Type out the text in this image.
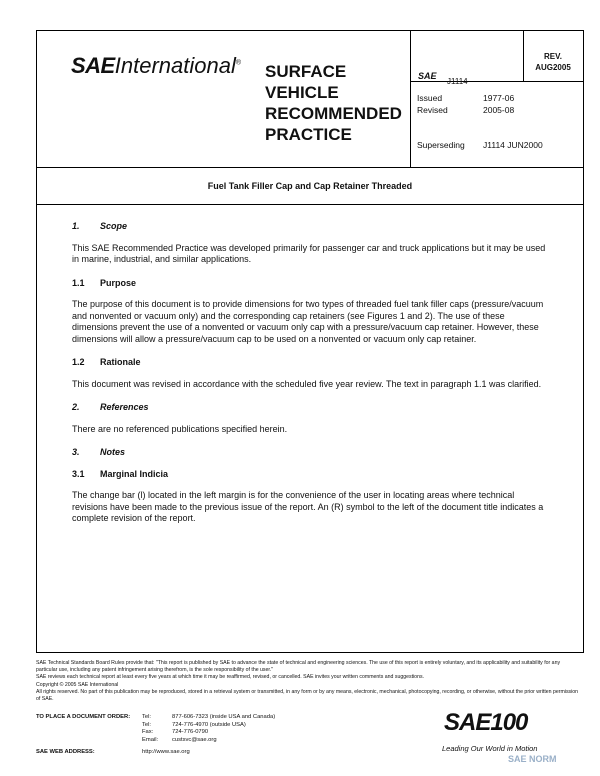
SAEInternational® SURFACE
VEHICLE
RECOMMENDED
PRACTICE
SAE
J1114
REV.
AUG2005
Issued	1977-06
Revised	2005-08
Superseding J1114 JUN2000
Fuel Tank Filler Cap and Cap Retainer Threaded
1. Scope
This SAE Recommended Practice was developed primarily for passenger car and truck applications but it may be used in marine, industrial, and similar applications.
1.1 Purpose
The purpose of this document is to provide dimensions for two types of threaded fuel tank filler caps (pressure/vacuum and nonvented or vacuum only) and the corresponding cap retainers (see Figures 1 and 2). The use of these dimensions prevent the use of a nonvented or vacuum only cap with a pressure/vacuum cap retainer. However, these dimensions will allow a pressure/vacuum cap to be used on a nonvented or vacuum only cap retainer.
1.2 Rationale
This document was revised in accordance with the scheduled five year review. The text in paragraph 1.1 was clarified.
2. References
There are no referenced publications specified herein.
3. Notes
3.1 Marginal Indicia
The change bar (l) located in the left margin is for the convenience of the user in locating areas where technical revisions have been made to the previous issue of the report. An (R) symbol to the left of the document title indicates a complete revision of the report.

SAE Technical Standards Board Rules provide that: "This report is published by SAE to advance the state of technical and engineering sciences. The use of this report is entirely voluntary, and its applicability and suitability for any particular use, including any patent infringement arising therefrom, is the sole responsibility of the user."

SAE reviews each technical report at least every five years at which time it may be reaffirmed, revised, or cancelled. SAE invites your written comments and suggestions.

Copyright © 2005 SAE International

All rights reserved. No part of this publication may be reproduced, stored in a retrieval system or transmitted, in any form or by any means, electronic, mechanical, photocopying, recording, or otherwise, without the prior written permission of SAE.

TO PLACE A DOCUMENT ORDER:	Tel:	877-606-7323 (inside USA and Canada)
Tel:	724-776-4970 (outside USA)
Fax:	724-776-0790
Email:	custsvc@sae.org
SAE WEB ADDRESS:	http://www.sae.org
SAE100
Leading Our World in Motion
SAE NORM
